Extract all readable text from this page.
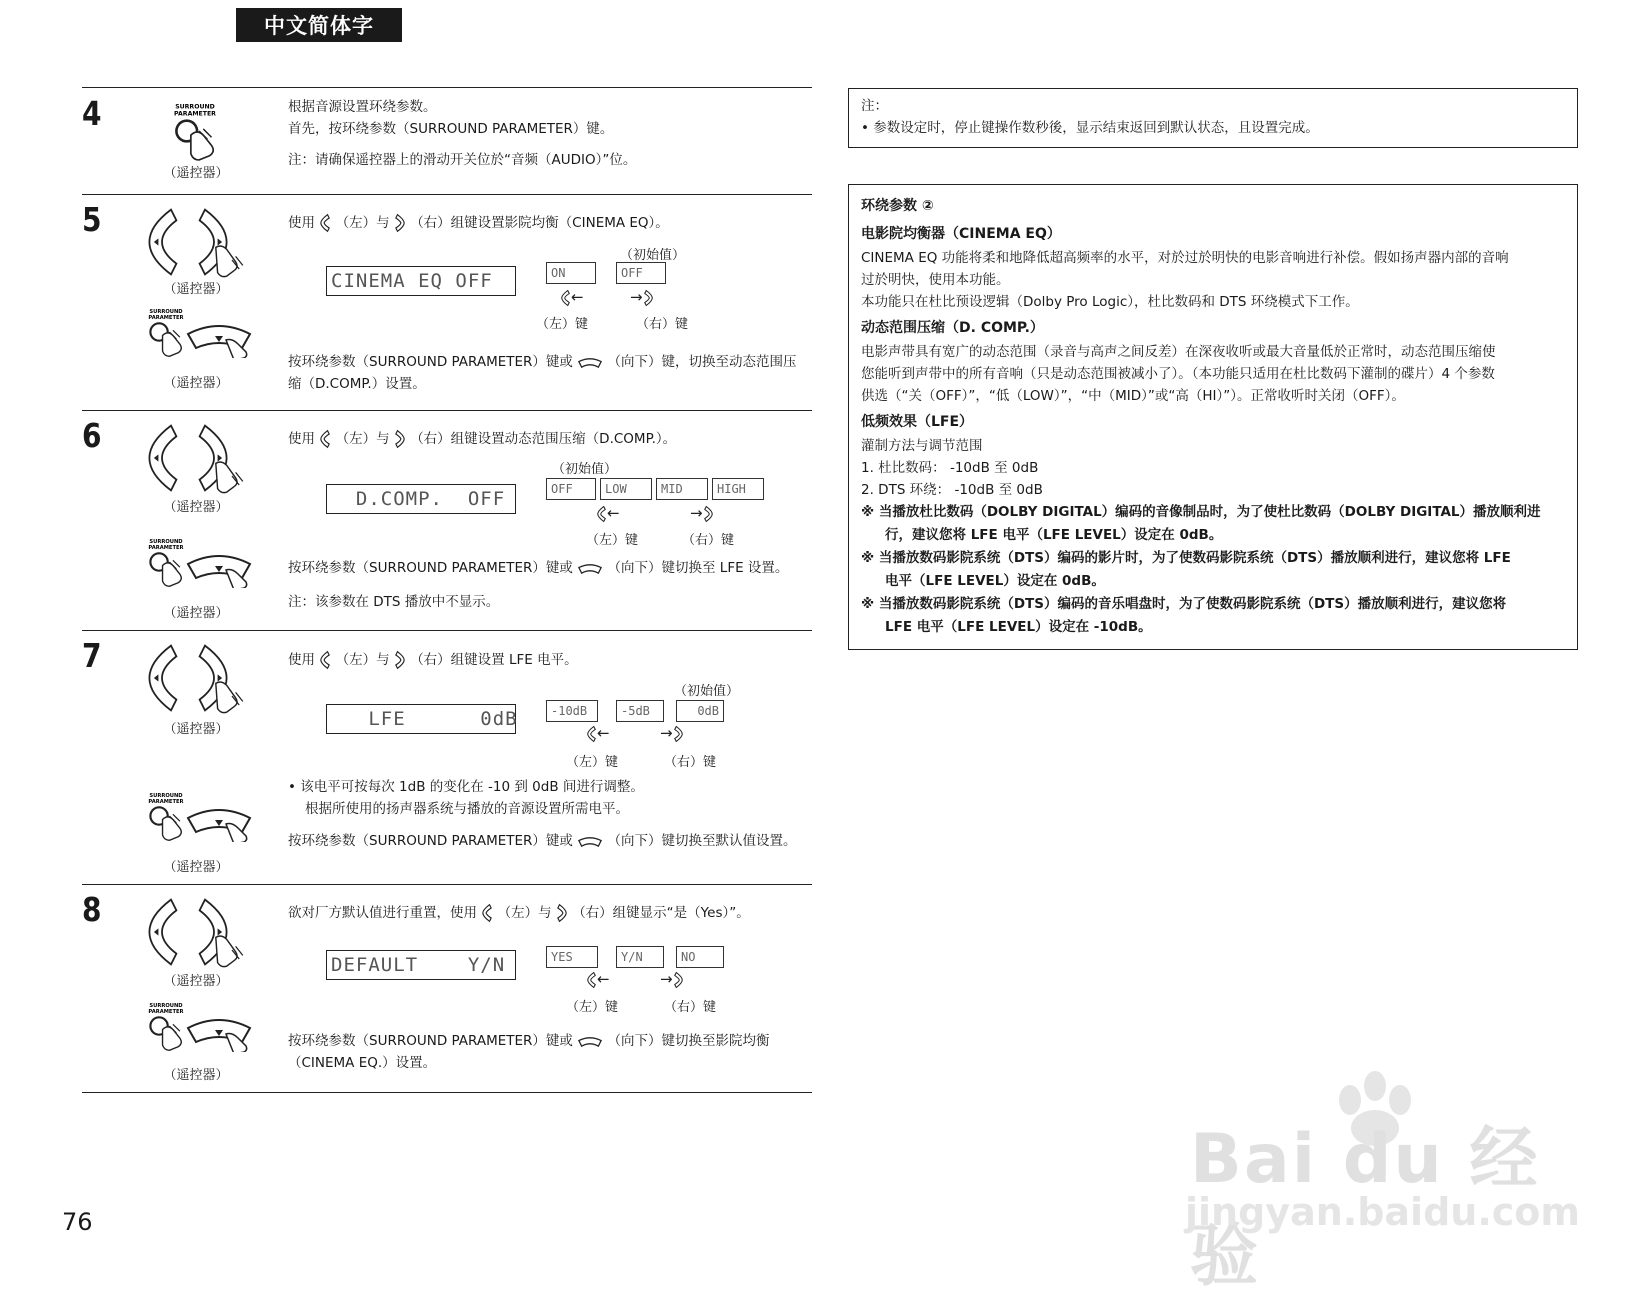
中文简体字
4
（遥控器）
根据音源设置环绕参数。
首先，按环绕参数（SURROUND PARAMETER）键。
注：请确保遥控器上的滑动开关位於“音频（AUDIO）”位。
5
（遥控器）
（遥控器）
使用 （左）与 （右）组键设置影院均衡（CINEMA EQ）。
（初始值）
CINEMA EQ OFF	ON	OFF
←	→
（左）键	（右）键
按环绕参数（SURROUND PARAMETER）键或	（向下）键，切换至动态范围压
缩（D.COMP.）设置。
6
（遥控器）
（遥控器）
使用 （左）与 （右）组键设置动态范围压缩（D.COMP.）。
（初始值）
D.COMP.  OFF	OFF	LOW	MID	HIGH
←	→
（左）键	（右）键
按环绕参数（SURROUND PARAMETER）键或	（向下）键切换至 LFE 设置。
注：该参数在 DTS 播放中不显示。
7
（遥控器）
（遥控器）
使用 （左）与 （右）组键设置 LFE 电平。
（初始值）
LFE      0dB	-10dB	-5dB	0dB
←	→
（左）键	（右）键
• 该电平可按每次 1dB 的变化在 -10 到 0dB 间进行调整。
根据所使用的扬声器系统与播放的音源设置所需电平。
按环绕参数（SURROUND PARAMETER）键或	（向下）键切换至默认值设置。
8
（遥控器）
（遥控器）
欲对厂方默认值进行重置，使用 （左）与 （右）组键显示“是（Yes）”。
DEFAULT    Y/N	YES	Y/N	NO
←	→
（左）键	（右）键
按环绕参数（SURROUND PARAMETER）键或	（向下）键切换至影院均衡
（CINEMA EQ.）设置。
注：
• 参数设定时，停止键操作数秒後，显示结束返回到默认状态，且设置完成。
环绕参数 ②
电影院均衡器（CINEMA EQ）
CINEMA EQ 功能将柔和地降低超高频率的水平，对於过於明快的电影音响进行补偿。假如扬声器内部的音响
过於明快，使用本功能。
本功能只在杜比预设逻辑（Dolby Pro Logic），杜比数码和 DTS 环绕模式下工作。
动态范围压缩（D. COMP.）
电影声带具有宽广的动态范围（录音与高声之间反差）在深夜收听或最大音量低於正常时，动态范围压缩使
您能听到声带中的所有音响（只是动态范围被减小了）。（本功能只适用在杜比数码下灌制的碟片）4 个参数
供选（“关（OFF）”，“低（LOW）”，“中（MID）”或“高（HI）”）。正常收听时关闭（OFF）。
低频效果（LFE）
灌制方法与调节范围
1. 杜比数码： -10dB 至 0dB
2. DTS 环绕： -10dB 至 0dB
※ 当播放杜比数码（DOLBY DIGITAL）编码的音像制品时，为了使杜比数码（DOLBY DIGITAL）播放顺利进
行，建议您将 LFE 电平（LFE LEVEL）设定在 0dB。
※ 当播放数码影院系统（DTS）编码的影片时，为了使数码影院系统（DTS）播放顺利进行，建议您将 LFE
电平（LFE LEVEL）设定在 0dB。
※ 当播放数码影院系统（DTS）编码的音乐唱盘时，为了使数码影院系统（DTS）播放顺利进行，建议您将
LFE 电平（LFE LEVEL）设定在 -10dB。
76
Bai du 经验
jingyan.baidu.com
